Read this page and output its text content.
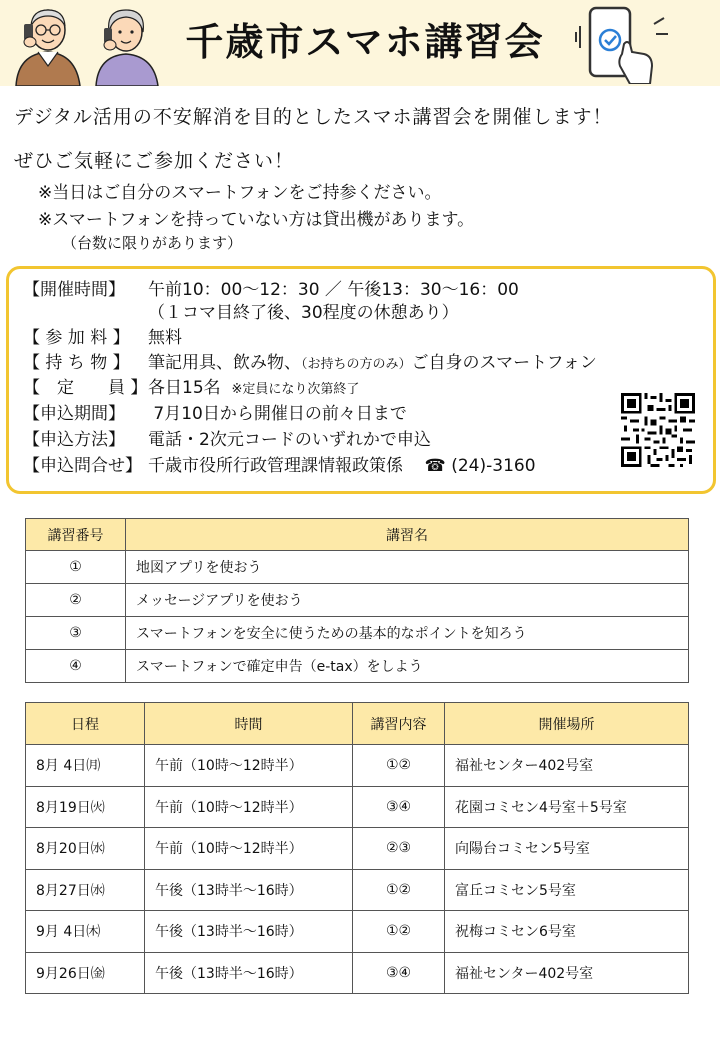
千歳市スマホ講習会
デジタル活用の不安解消を目的としたスマホ講習会を開催します！
ぜひご気軽にご参加ください！
※当日はご自分のスマートフォンをご持参ください。
※スマートフォンを持っていない方は貸出機があります。
（台数に限りがあります）
【開催時間】 午前10：00～12：30 ／ 午後13：30～16：00
（１コマ目終了後、30程度の休憩あり）
【 参 加 料 】 無料
【 持 ち 物 】 筆記用具、飲み物、（お持ちの方のみ）ご自身のスマートフォン
【　定　　員 】各日15名 ※定員になり次第終了
【申込期間】 7月10日から開催日の前々日まで
【申込方法】 電話・2次元コードのいずれかで申込
【申込問合せ】 千歳市役所行政管理課情報政策係 ☎ (24)-3160
講習番号	講習名
①	地図アプリを使おう
②	メッセージアプリを使おう
③	スマートフォンを安全に使うための基本的なポイントを知ろう
④	スマートフォンで確定申告（e-tax）をしよう
日程	時間	講習内容	開催場所
8月 4日㈪	午前（10時～12時半）	①②	福祉センター402号室
8月19日㈫	午前（10時～12時半）	③④	花園コミセン4号室＋5号室
8月20日㈬	午前（10時～12時半）	②③	向陽台コミセン5号室
8月27日㈬	午後（13時半～16時）	①②	富丘コミセン5号室
9月 4日㈭	午後（13時半～16時）	①②	祝梅コミセン6号室
9月26日㈮	午後（13時半～16時）	③④	福祉センター402号室
